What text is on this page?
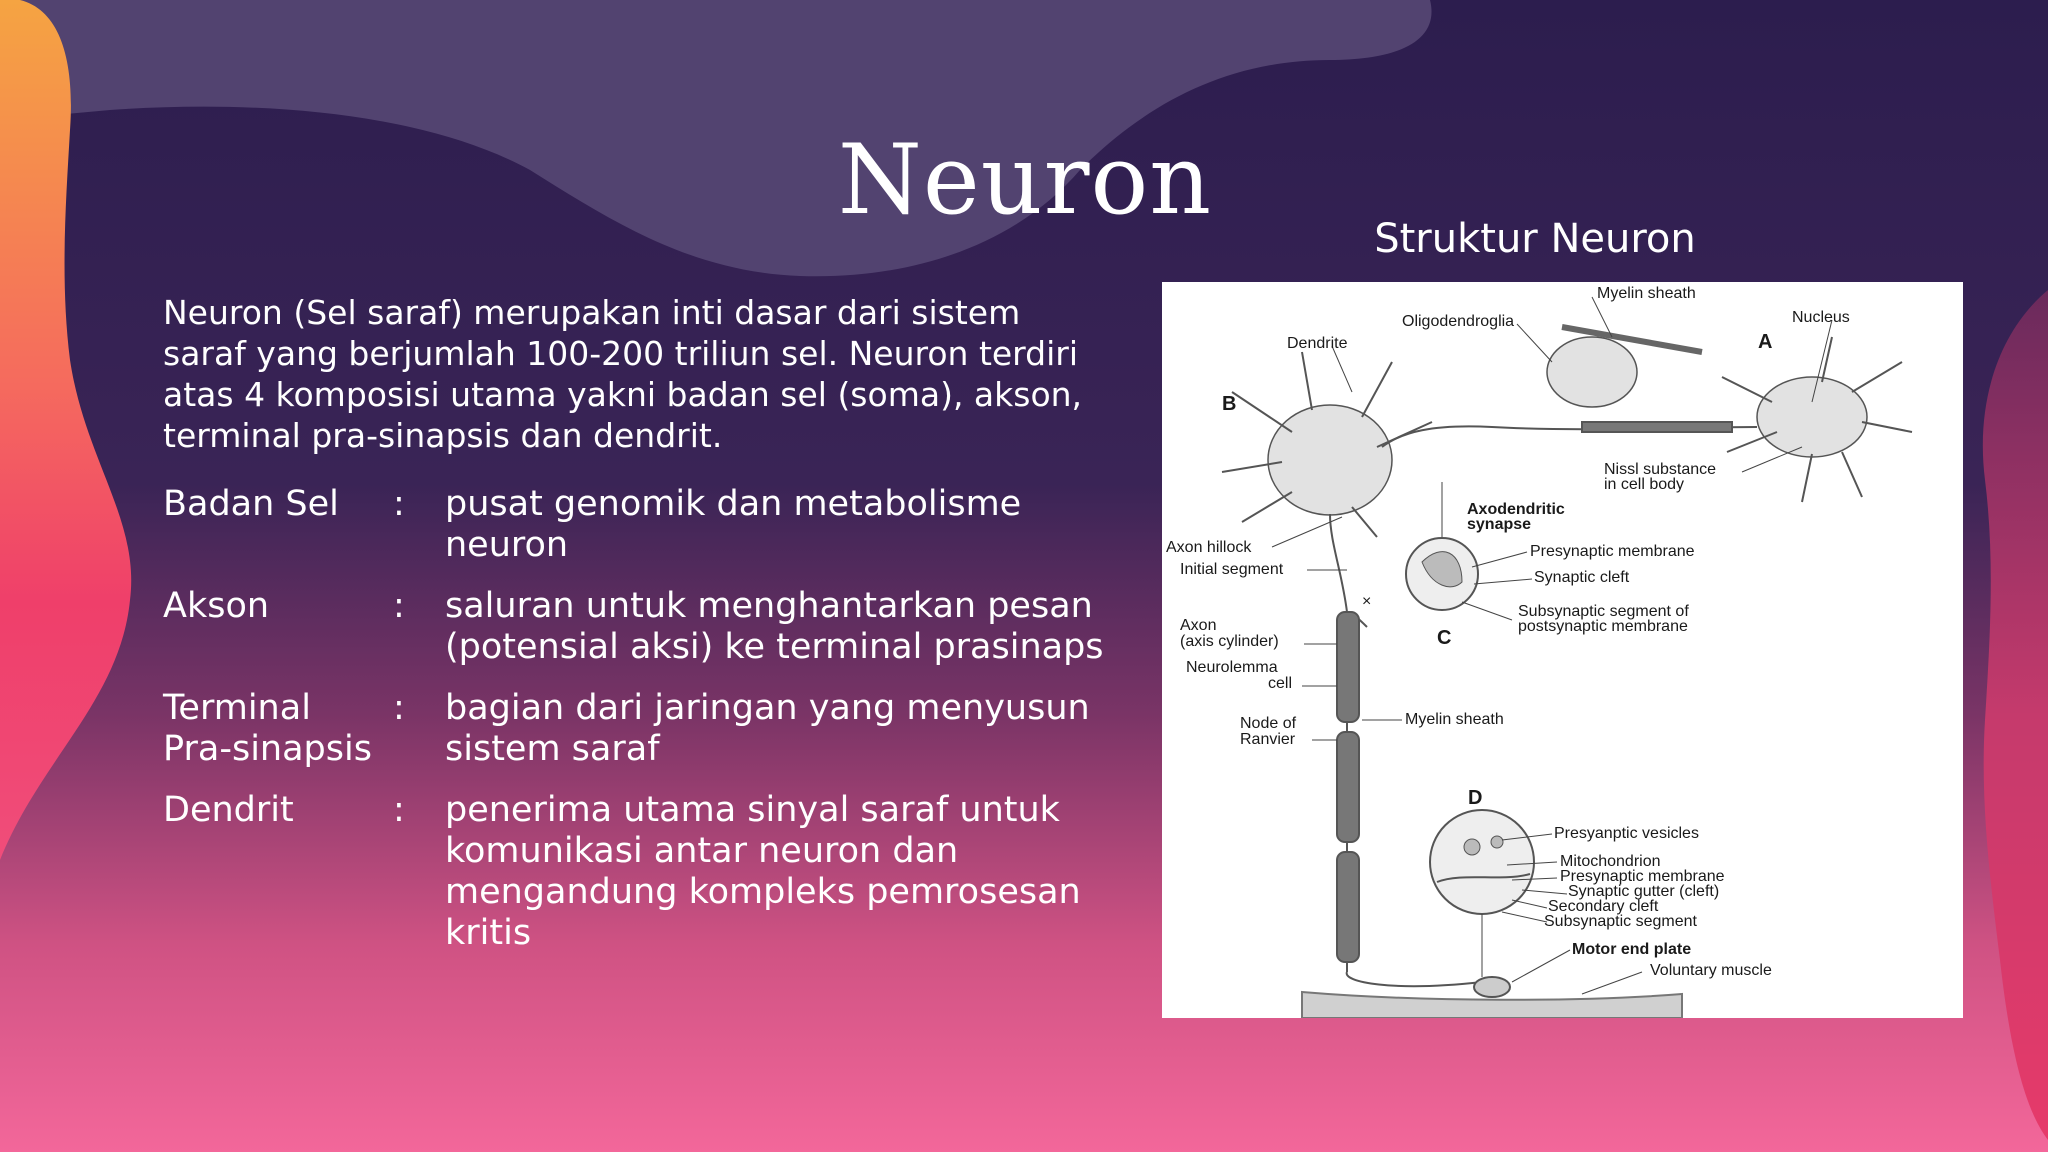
Neuron
Neuron (Sel saraf) merupakan inti dasar dari sistem saraf yang berjumlah 100-200 triliun sel. Neuron terdiri atas 4 komposisi utama yakni badan sel (soma), akson, terminal pra-sinapsis dan dendrit.
Badan Sel	:	pusat genomik dan metabolisme neuron
Akson	:	saluran untuk menghantarkan pesan
(potensial aksi) ke terminal prasinaps
Terminal
Pra-sinapsis
:	bagian dari jaringan yang menyusun
sistem saraf
Dendrit	:	penerima utama sinyal saraf untuk
komunikasi antar neuron dan
mengandung kompleks pemrosesan kritis
Struktur Neuron
Myelin sheath
Oligodendroglia	Nucleus
Dendrite	A
B
Nissl substance
in cell body
Axodendritic
synapse
Axon hillock
Initial segment
Presynaptic membrane
Synaptic cleft
×
Subsynaptic segment of
postsynaptic membrane
Axon
(axis cylinder)	C
Neurolemma
cell
Node of
Ranvier
Myelin sheath
D
Presyanptic vesicles
Mitochondrion
Presynaptic membrane
Synaptic gutter (cleft)
Secondary cleft
Subsynaptic segment
Motor end plate
Voluntary muscle
